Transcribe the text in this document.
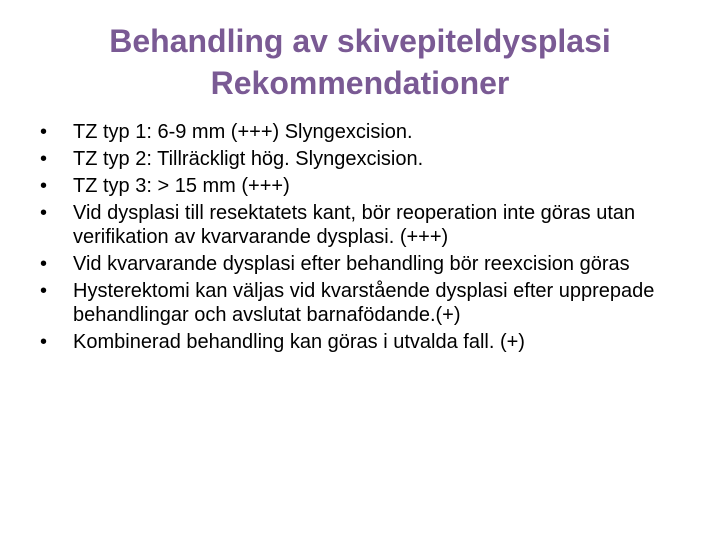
Behandling av skivepiteldysplasi
Rekommendationer
•	TZ typ 1: 6-9 mm (+++) Slyngexcision.
•	TZ typ 2: Tillräckligt hög. Slyngexcision.
•	TZ typ 3: > 15 mm (+++)
•	Vid dysplasi till resektatets kant, bör reoperation inte göras utan verifikation av kvarvarande dysplasi. (+++)
•	Vid kvarvarande dysplasi efter behandling bör reexcision göras
•	Hysterektomi kan väljas vid kvarstående dysplasi efter upprepade behandlingar och avslutat barnafödande.(+)
•	Kombinerad behandling kan göras i utvalda fall. (+)
